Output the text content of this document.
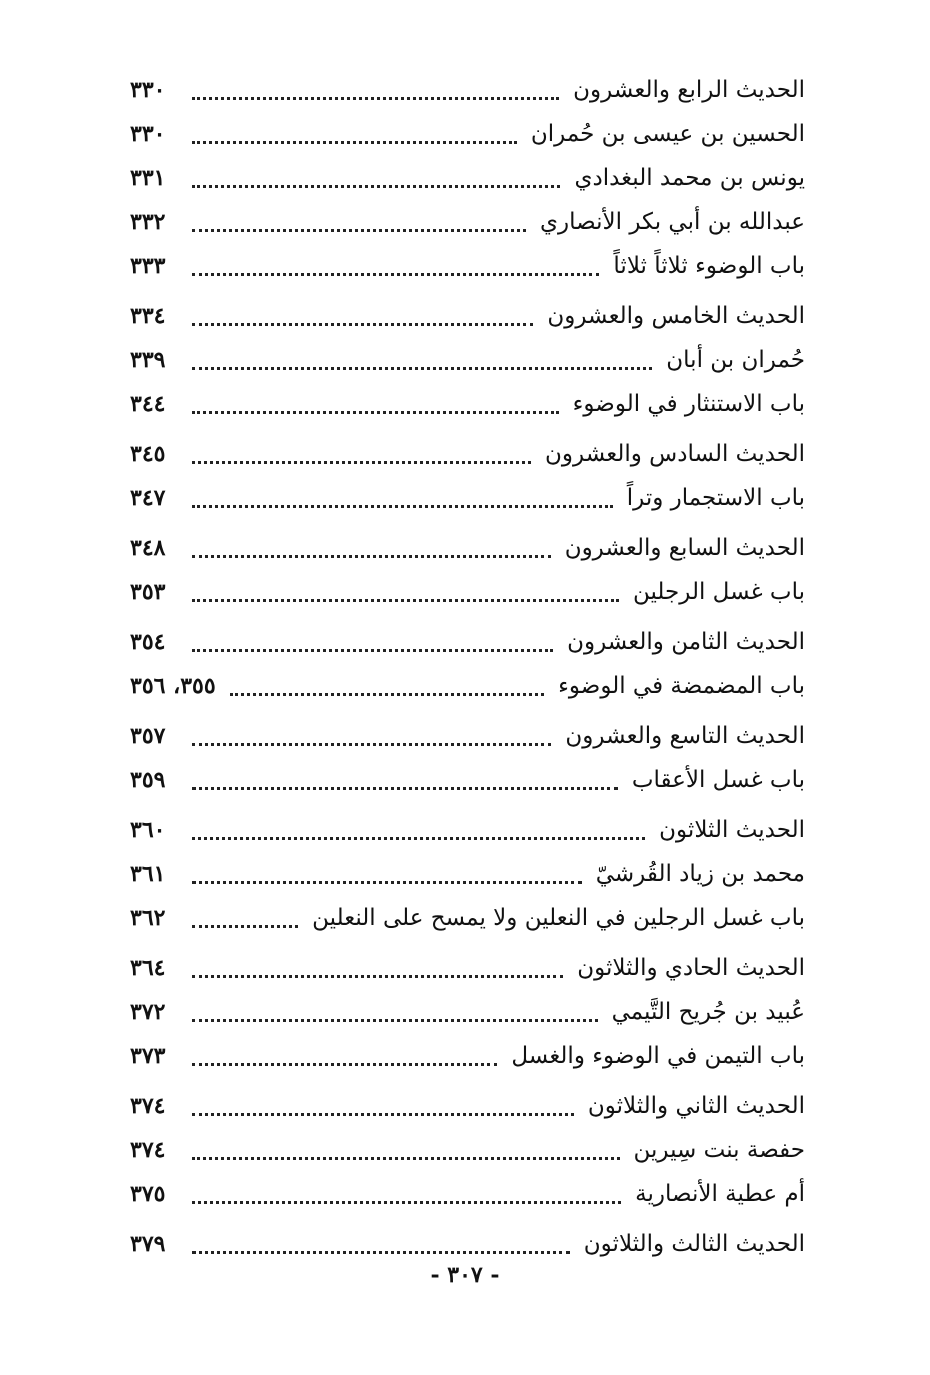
الحديث الرابع والعشرون
٣٣٠
الحسين بن عيسى بن حُمران
٣٣٠
يونس بن محمد البغدادي
٣٣١
عبدالله بن أبي بكر الأنصاري
٣٣٢
باب الوضوء ثلاثاً ثلاثاً
٣٣٣
الحديث الخامس والعشرون
٣٣٤
حُمران بن أبان
٣٣٩
باب الاستنثار في الوضوء
٣٤٤
الحديث السادس والعشرون
٣٤٥
باب الاستجمار وتراً
٣٤٧
الحديث السابع والعشرون
٣٤٨
باب غسل الرجلين
٣٥٣
الحديث الثامن والعشرون
٣٥٤
باب المضمضة في الوضوء
٣٥٥، ٣٥٦
الحديث التاسع والعشرون
٣٥٧
باب غسل الأعقاب
٣٥٩
الحديث الثلاثون
٣٦٠
محمد بن زياد القُرشيّ
٣٦١
باب غسل الرجلين في النعلين ولا يمسح على النعلين
٣٦٢
الحديث الحادي والثلاثون
٣٦٤
عُبيد بن جُريح التَّيمي
٣٧٢
باب التيمن في الوضوء والغسل
٣٧٣
الحديث الثاني والثلاثون
٣٧٤
حفصة بنت سِيرين
٣٧٤
أم عطية الأنصارية
٣٧٥
الحديث الثالث والثلاثون
٣٧٩
- ٣٠٧ -
